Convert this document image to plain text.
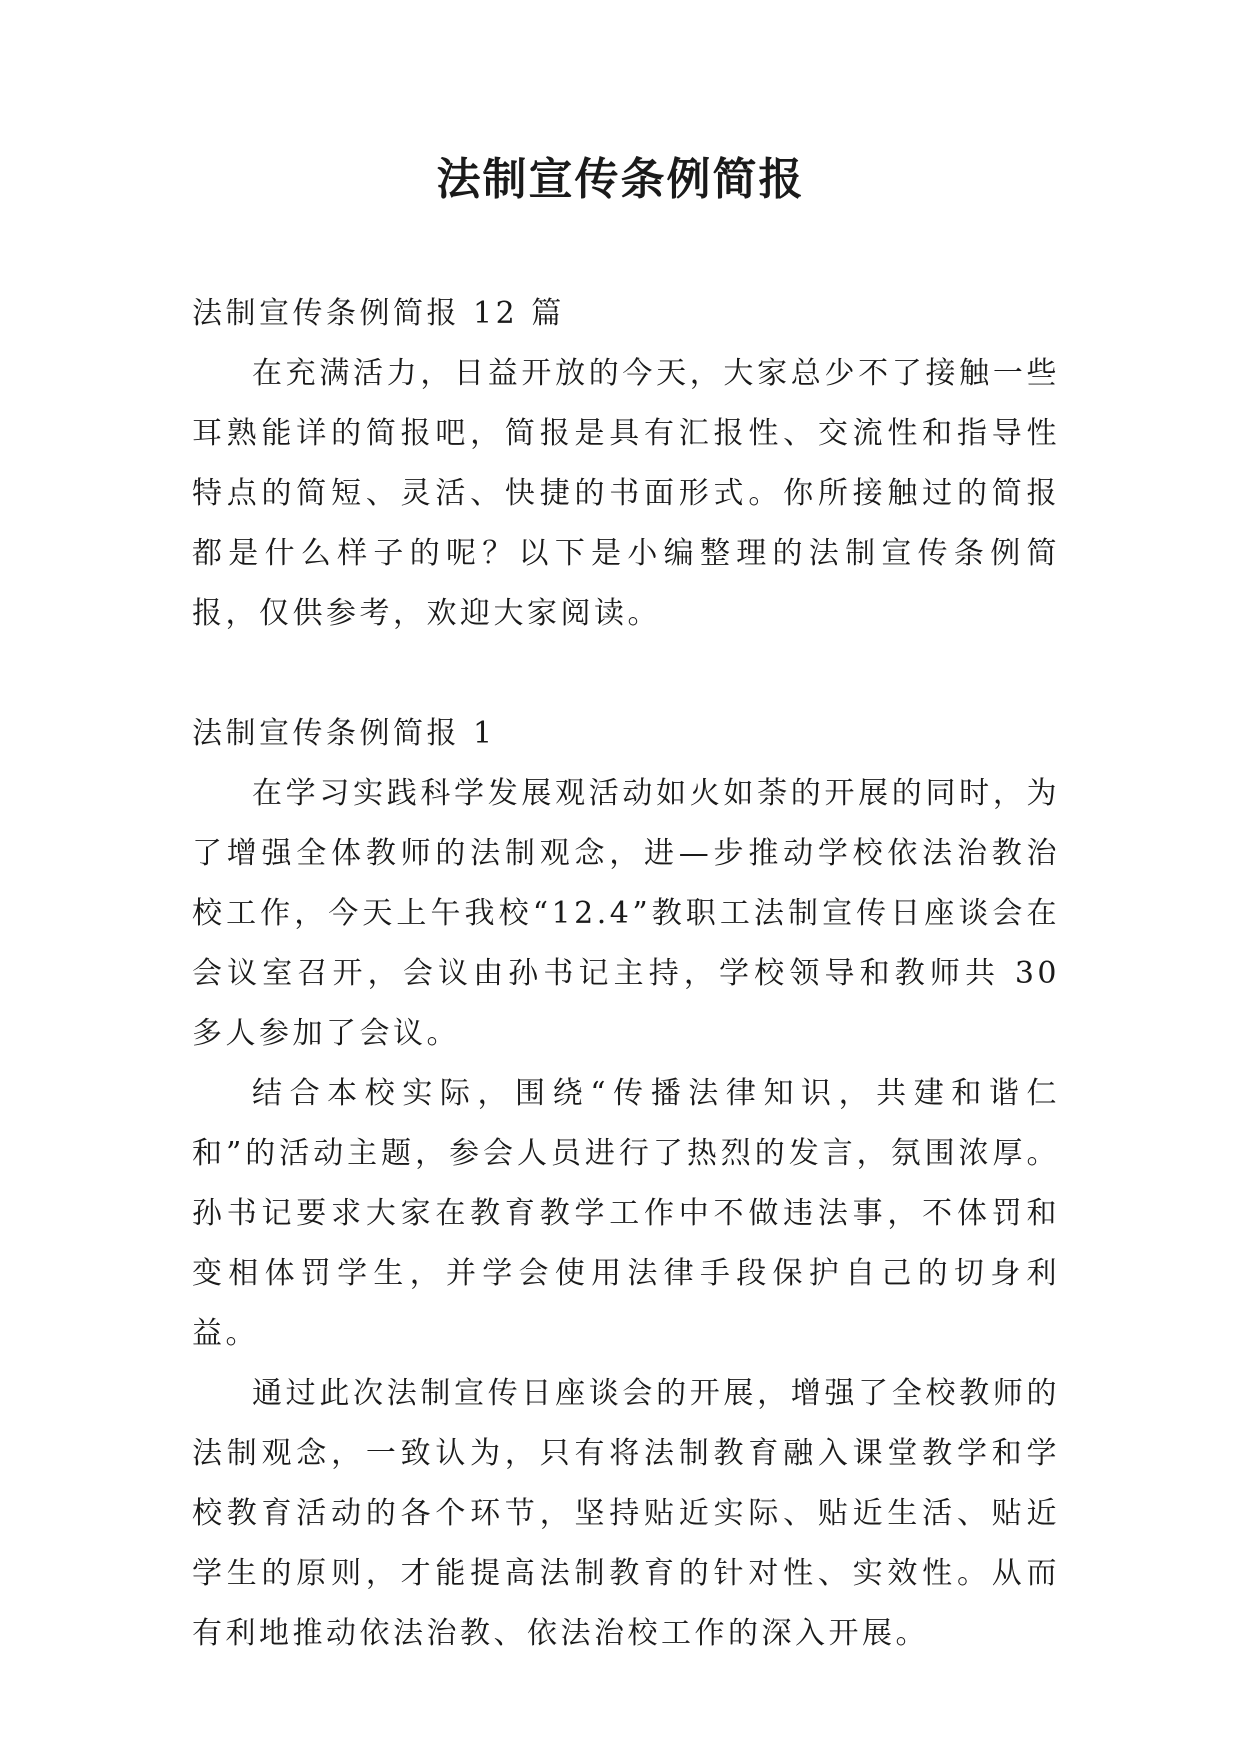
法制宣传条例简报

法制宣传条例简报 12 篇

在充满活力，日益开放的今天，大家总少不了接触一些耳熟能详的简报吧，简报是具有汇报性、交流性和指导性特点的简短、灵活、快捷的书面形式。你所接触过的简报都是什么样子的呢？以下是小编整理的法制宣传条例简报，仅供参考，欢迎大家阅读。

法制宣传条例简报 1

在学习实践科学发展观活动如火如荼的开展的同时，为了增强全体教师的法制观念，进—步推动学校依法治教治校工作，今天上午我校“12.4”教职工法制宣传日座谈会在会议室召开，会议由孙书记主持，学校领导和教师共 30 多人参加了会议。

结合本校实际，围绕“传播法律知识，共建和谐仁和”的活动主题，参会人员进行了热烈的发言，氛围浓厚。孙书记要求大家在教育教学工作中不做违法事，不体罚和变相体罚学生，并学会使用法律手段保护自己的切身利益。

通过此次法制宣传日座谈会的开展，增强了全校教师的法制观念，一致认为，只有将法制教育融入课堂教学和学校教育活动的各个环节，坚持贴近实际、贴近生活、贴近学生的原则，才能提高法制教育的针对性、实效性。从而有利地推动依法治教、依法治校工作的深入开展。
